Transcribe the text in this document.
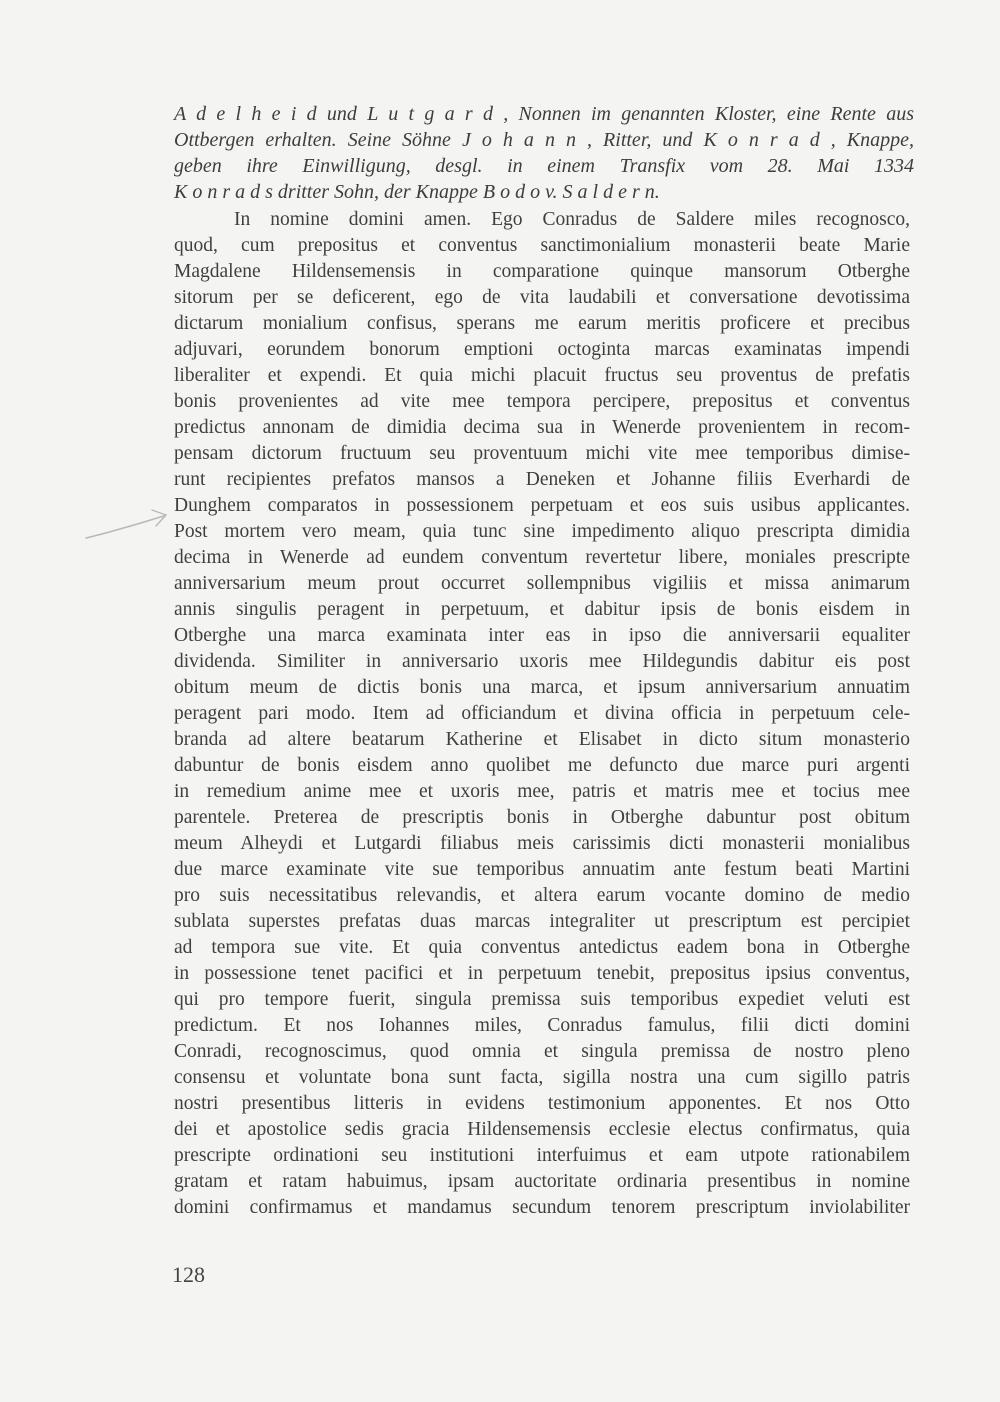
A d e l h e i d und L u t g a r d , Nonnen im genannten Kloster, eine Rente aus
Ottbergen erhalten. Seine Söhne J o h a n n , Ritter, und K o n r a d , Knappe,
geben ihre Einwilligung, desgl. in einem Transfix vom 28. Mai 1334
K o n r a d s dritter Sohn, der Knappe B o d o v. S a l d e r n.
In nomine domini amen. Ego Conradus de Saldere miles recognosco,
quod, cum prepositus et conventus sanctimonialium monasterii beate Marie
Magdalene Hildensemensis in comparatione quinque mansorum Otberghe
sitorum per se deficerent, ego de vita laudabili et conversatione devotissima
dictarum monialium confisus, sperans me earum meritis proficere et precibus
adjuvari, eorundem bonorum emptioni octoginta marcas examinatas impendi
liberaliter et expendi. Et quia michi placuit fructus seu proventus de prefatis
bonis provenientes ad vite mee tempora percipere, prepositus et conventus
predictus annonam de dimidia decima sua in Wenerde provenientem in recom-
pensam dictorum fructuum seu proventuum michi vite mee temporibus dimise-
runt recipientes prefatos mansos a Deneken et Johanne filiis Everhardi de
Dunghem comparatos in possessionem perpetuam et eos suis usibus applicantes.
Post mortem vero meam, quia tunc sine impedimento aliquo prescripta dimidia
decima in Wenerde ad eundem conventum revertetur libere, moniales prescripte
anniversarium meum prout occurret sollempnibus vigiliis et missa animarum
annis singulis peragent in perpetuum, et dabitur ipsis de bonis eisdem in
Otberghe una marca examinata inter eas in ipso die anniversarii equaliter
dividenda. Similiter in anniversario uxoris mee Hildegundis dabitur eis post
obitum meum de dictis bonis una marca, et ipsum anniversarium annuatim
peragent pari modo. Item ad officiandum et divina officia in perpetuum cele-
branda ad altere beatarum Katherine et Elisabet in dicto situm monasterio
dabuntur de bonis eisdem anno quolibet me defuncto due marce puri argenti
in remedium anime mee et uxoris mee, patris et matris mee et tocius mee
parentele. Preterea de prescriptis bonis in Otberghe dabuntur post obitum
meum Alheydi et Lutgardi filiabus meis carissimis dicti monasterii monialibus
due marce examinate vite sue temporibus annuatim ante festum beati Martini
pro suis necessitatibus relevandis, et altera earum vocante domino de medio
sublata superstes prefatas duas marcas integraliter ut prescriptum est percipiet
ad tempora sue vite. Et quia conventus antedictus eadem bona in Otberghe
in possessione tenet pacifici et in perpetuum tenebit, prepositus ipsius conventus,
qui pro tempore fuerit, singula premissa suis temporibus expediet veluti est
predictum. Et nos Iohannes miles, Conradus famulus, filii dicti domini
Conradi, recognoscimus, quod omnia et singula premissa de nostro pleno
consensu et voluntate bona sunt facta, sigilla nostra una cum sigillo patris
nostri presentibus litteris in evidens testimonium apponentes. Et nos Otto
dei et apostolice sedis gracia Hildensemensis ecclesie electus confirmatus, quia
prescripte ordinationi seu institutioni interfuimus et eam utpote rationabilem
gratam et ratam habuimus, ipsam auctoritate ordinaria presentibus in nomine
domini confirmamus et mandamus secundum tenorem prescriptum inviolabiliter
128
